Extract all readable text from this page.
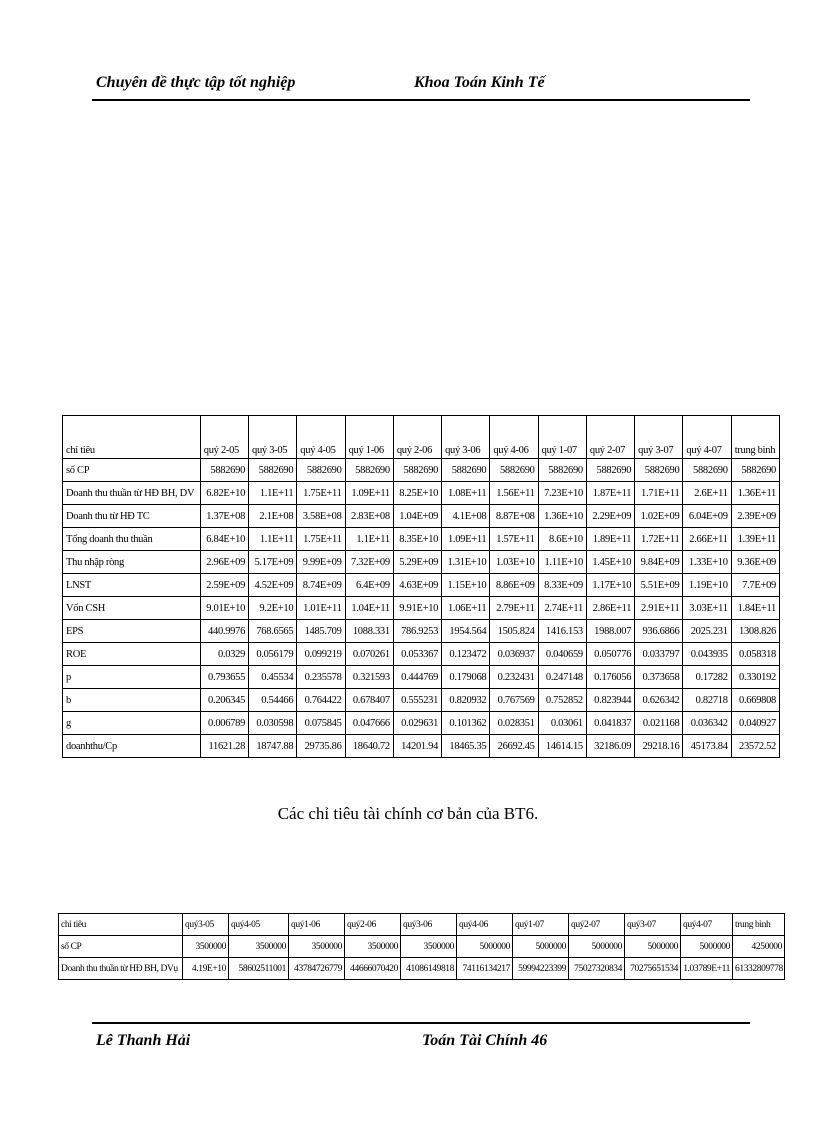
Chuyên đề thực tập tốt nghiệp	Khoa Toán Kinh Tế
chỉ tiêu	quý 2-05	quý 3-05	quý 4-05	quý 1-06	quý 2-06	quý 3-06	quý 4-06	quý 1-07	quý 2-07	quý 3-07	quý 4-07	trung bình
số CP	5882690	5882690	5882690	5882690	5882690	5882690	5882690	5882690	5882690	5882690	5882690	5882690
Doanh thu thuần từ HĐ BH, DV	6.82E+10	1.1E+11	1.75E+11	1.09E+11	8.25E+10	1.08E+11	1.56E+11	7.23E+10	1.87E+11	1.71E+11	2.6E+11	1.36E+11
Doanh thu từ HĐ TC	1.37E+08	2.1E+08	3.58E+08	2.83E+08	1.04E+09	4.1E+08	8.87E+08	1.36E+10	2.29E+09	1.02E+09	6.04E+09	2.39E+09
Tổng doanh thu thuần	6.84E+10	1.1E+11	1.75E+11	1.1E+11	8.35E+10	1.09E+11	1.57E+11	8.6E+10	1.89E+11	1.72E+11	2.66E+11	1.39E+11
Thu nhập ròng	2.96E+09	5.17E+09	9.99E+09	7.32E+09	5.29E+09	1.31E+10	1.03E+10	1.11E+10	1.45E+10	9.84E+09	1.33E+10	9.36E+09
LNST	2.59E+09	4.52E+09	8.74E+09	6.4E+09	4.63E+09	1.15E+10	8.86E+09	8.33E+09	1.17E+10	5.51E+09	1.19E+10	7.7E+09
Vốn CSH	9.01E+10	9.2E+10	1.01E+11	1.04E+11	9.91E+10	1.06E+11	2.79E+11	2.74E+11	2.86E+11	2.91E+11	3.03E+11	1.84E+11
EPS	440.9976	768.6565	1485.709	1088.331	786.9253	1954.564	1505.824	1416.153	1988.007	936.6866	2025.231	1308.826
ROE	0.0329	0.056179	0.099219	0.070261	0.053367	0.123472	0.036937	0.040659	0.050776	0.033797	0.043935	0.058318
p	0.793655	0.45534	0.235578	0.321593	0.444769	0.179068	0.232431	0.247148	0.176056	0.373658	0.17282	0.330192
b	0.206345	0.54466	0.764422	0.678407	0.555231	0.820932	0.767569	0.752852	0.823944	0.626342	0.82718	0.669808
g	0.006789	0.030598	0.075845	0.047666	0.029631	0.101362	0.028351	0.03061	0.041837	0.021168	0.036342	0.040927
doanhthu/Cp	11621.28	18747.88	29735.86	18640.72	14201.94	18465.35	26692.45	14614.15	32186.09	29218.16	45173.84	23572.52
Các chỉ tiêu tài chính cơ bản của BT6.
chỉ tiêu	quý3-05	quý4-05	quý1-06	quý2-06	quý3-06	quý4-06	quý1-07	quý2-07	quý3-07	quý4-07	trung bình
số CP	3500000	3500000	3500000	3500000	3500000	5000000	5000000	5000000	5000000	5000000	4250000
Doanh thu thuần từ HĐ BH, DVụ	4.19E+10	58602511001	43784726779	44666070420	41086149818	74116134217	59994223399	75027320834	70275651534	1.03789E+11	61332809778
Lê Thanh Hải	Toán Tài Chính 46
